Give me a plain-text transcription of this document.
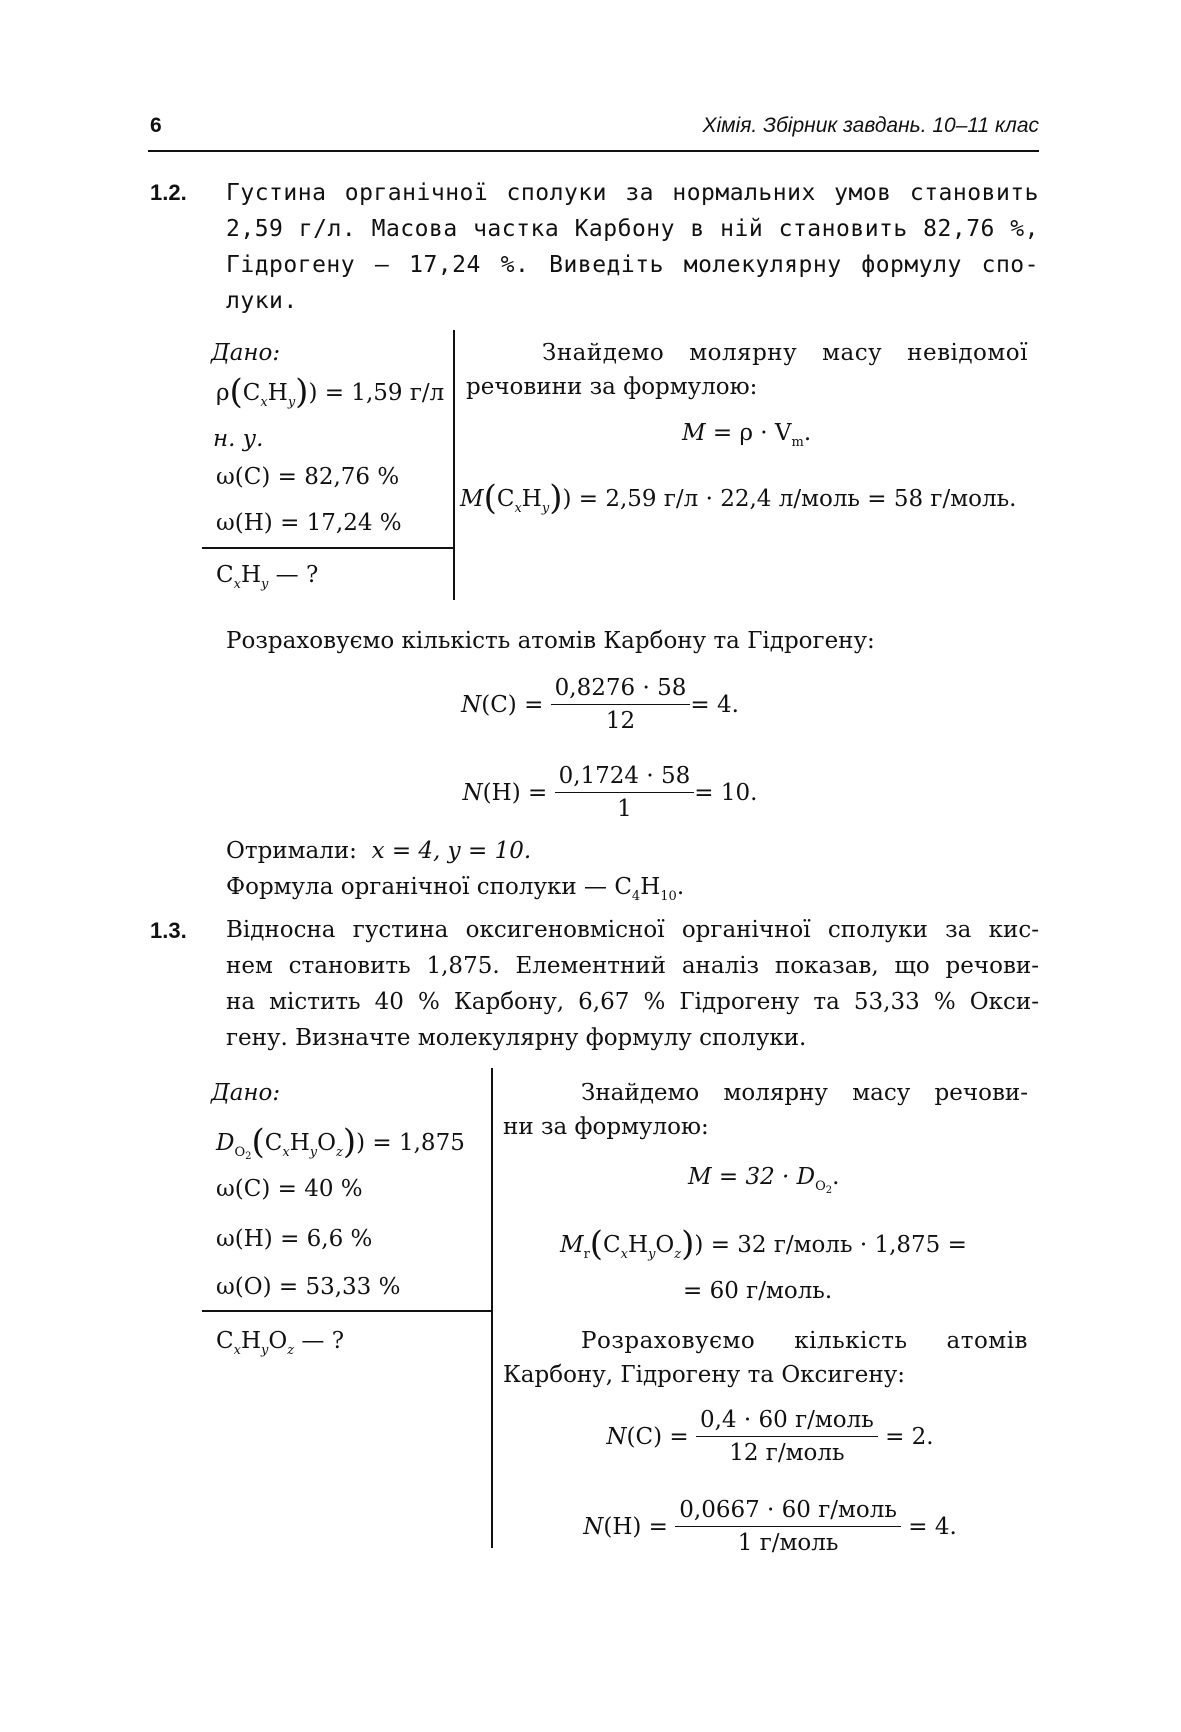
6	Хімія. Збірник завдань. 10–11 клас
1.2. Густина органічної сполуки за нормальних умов становить
2,59 г/л. Масова частка Карбону в ній становить 82,76 %,
Гідрогену — 17,24 %. Виведіть молекулярну формулу спо-
луки.
Дано:
$\rho(C_xH_y)) = 1,59$ г/л
н. у.
ω(C) = 82,76 %
ω(H) = 17,24 %
$C_xH_y$ — ?
Знайдемо молярну масу невідомої
речовини за формулою:
$M = \rho \cdot V_m$.
$M(C_xH_y)) = 2,59$ г/л · 22,4 л/моль = 58 г/моль.
Розраховуємо кількість атомів Карбону та Гідрогену:
$N(C) = \frac{0,8276 \cdot 58}{12} = 4$.
$N(H) = \frac{0,1724 \cdot 58}{1} = 10$.
Отримали: x = 4, y = 10.
Формула органічної сполуки — $C_4H_{10}$.
1.3. Відносна густина оксигеновмісної органічної сполуки за кис-
нем становить 1,875. Елементний аналіз показав, що речови-
на містить 40 % Карбону, 6,67 % Гідрогену та 53,33 % Окси-
гену. Визначте молекулярну формулу сполуки.
Дано:
$D_{O_2}(C_xH_yO_z)) = 1,875$
ω(C) = 40 %
ω(H) = 6,6 %
ω(O) = 53,33 %
$C_xH_yO_z$ — ?
Знайдемо молярну масу речови-
ни за формулою:
$M = 32 \cdot D_{O_2}$.
$M_r(C_xH_yO_z)) = 32$ г/моль · 1,875 =
= 60 г/моль.
Розраховуємо кількість атомів
Карбону, Гідрогену та Оксигену:
$N(C) = \frac{\text{0,4 · 60 г/моль}}{\text{12 г/моль}}$
= 2.
$N(H) = \frac{\text{0,0667 · 60 г/моль}}{\text{1 г/моль}}$
= 4.
